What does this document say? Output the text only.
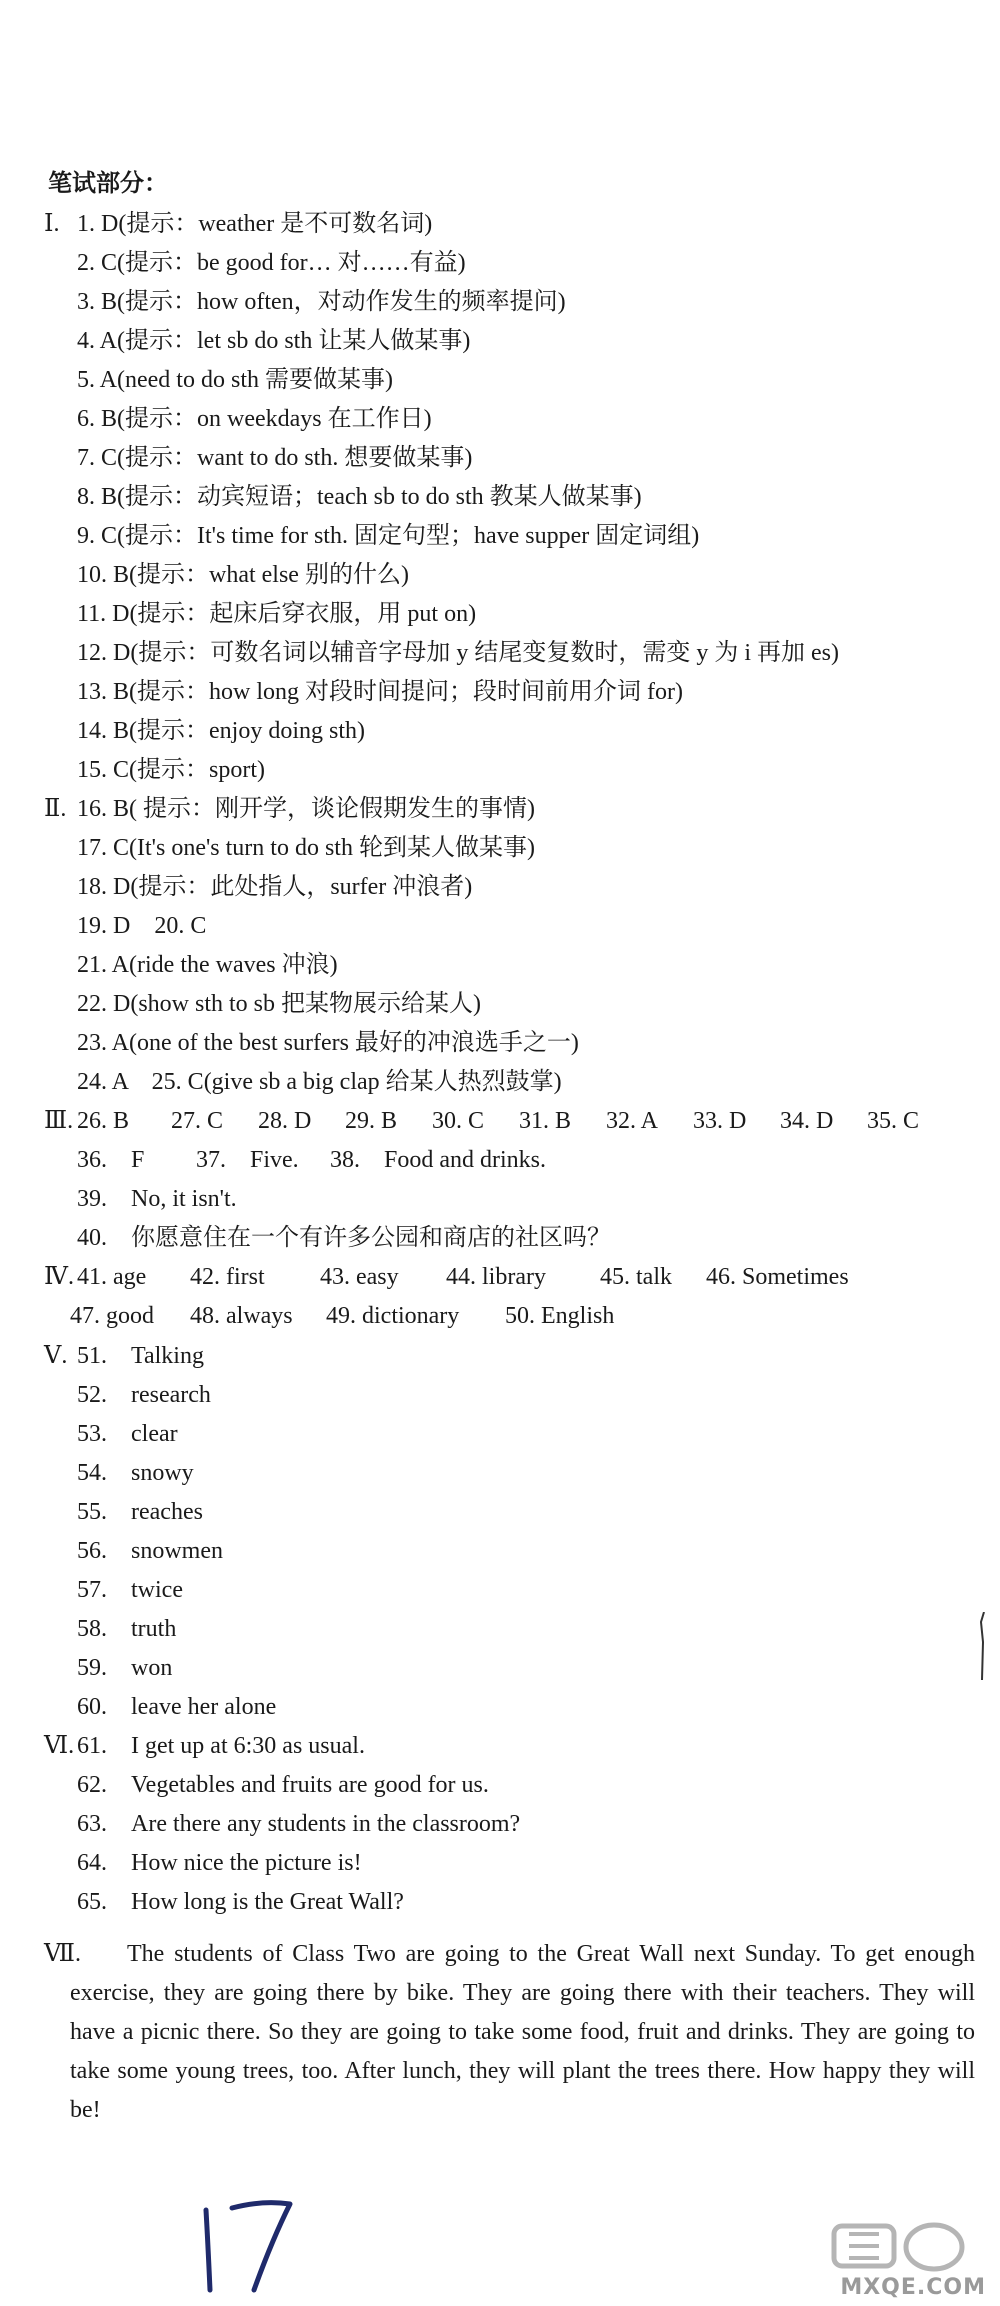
笔试部分：
Ⅰ. 1. D(提示：weather 是不可数名词)
2. C(提示：be good for… 对……有益)
3. B(提示：how often，对动作发生的频率提问)
4. A(提示：let sb do sth 让某人做某事)
5. A(need to do sth 需要做某事)
6. B(提示：on weekdays 在工作日)
7. C(提示：want to do sth. 想要做某事)
8. B(提示：动宾短语；teach sb to do sth 教某人做某事)
9. C(提示：It's time for sth. 固定句型；have supper 固定词组)
10. B(提示：what else 别的什么)
11. D(提示：起床后穿衣服，用 put on)
12. D(提示：可数名词以辅音字母加 y 结尾变复数时，需变 y 为 i 再加 es)
13. B(提示：how long 对段时间提问；段时间前用介词 for)
14. B(提示：enjoy doing sth)
15. C(提示：sport)
Ⅱ. 16. B( 提示：刚开学，谈论假期发生的事情)
17. C(It's one's turn to do sth 轮到某人做某事)
18. D(提示：此处指人，surfer 冲浪者)
19. D　20. C
21. A(ride the waves 冲浪)
22. D(show sth to sb 把某物展示给某人)
23. A(one of the best surfers 最好的冲浪选手之一)
24. A　25. C(give sb a big clap 给某人热烈鼓掌)
Ⅲ. 26. B 27. C 28. D 29. B 30. C 31. B 32. A 33. D 34. D 35. C
36.　F 37.　Five. 38.　Food and drinks.
39.　No, it isn't.
40.　你愿意住在一个有许多公园和商店的社区吗？
Ⅳ. 41. age 42. first 43. easy 44. library 45. talk 46. Sometimes
47. good 48. always 49. dictionary 50. English
Ⅴ. 51.　Talking
52.　research
53.　clear
54.　snowy
55.　reaches
56.　snowmen
57.　twice
58.　truth
59.　won
60.　leave her alone
Ⅵ. 61.　I get up at 6:30 as usual.
62.　Vegetables and fruits are good for us.
63.　Are there any students in the classroom?
64.　How nice the picture is!
65.　How long is the Great Wall?
Ⅶ. The students of Class Two are going to the Great Wall next Sunday. To get enough exercise, they are going there by bike. They are going there with their teachers. They will have a picnic there. So they are going to take some food, fruit and drinks. They are going to take some young trees, too. After lunch, they will plant the trees there. How happy they will be!
MXQE.COM
